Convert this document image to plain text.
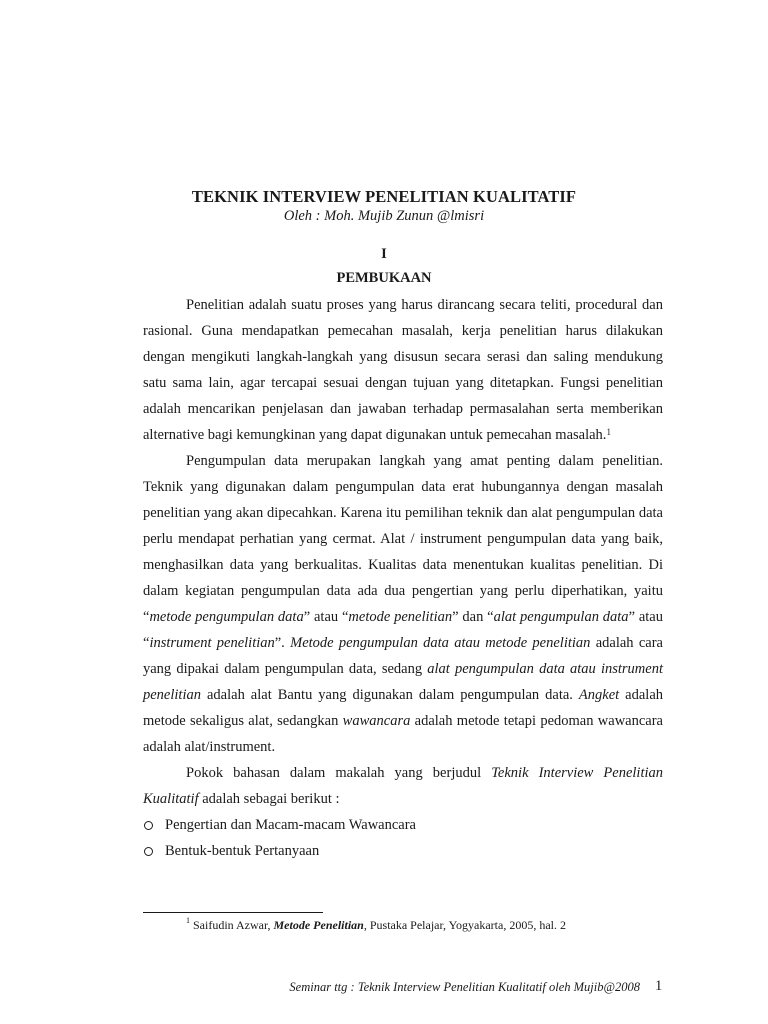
TEKNIK INTERVIEW PENELITIAN KUALITATIF
Oleh : Moh. Mujib Zunun @lmisri
I
PEMBUKAAN

Penelitian adalah suatu proses yang harus dirancang secara teliti, procedural dan rasional. Guna mendapatkan pemecahan masalah, kerja penelitian harus dilakukan dengan mengikuti langkah-langkah yang disusun secara serasi dan saling mendukung satu sama lain, agar tercapai sesuai dengan tujuan yang ditetapkan. Fungsi penelitian adalah mencarikan penjelasan dan jawaban terhadap permasalahan serta memberikan alternative bagi kemungkinan yang dapat digunakan untuk pemecahan masalah.$^1$

Pengumpulan data merupakan langkah yang amat penting dalam penelitian. Teknik yang digunakan dalam pengumpulan data erat hubungannya dengan masalah penelitian yang akan dipecahkan. Karena itu pemilihan teknik dan alat pengumpulan data perlu mendapat perhatian yang cermat. Alat / instrument pengumpulan data yang baik, menghasilkan data yang berkualitas. Kualitas data menentukan kualitas penelitian. Di dalam kegiatan pengumpulan data ada dua pengertian yang perlu diperhatikan, yaitu “metode pengumpulan data” atau “metode penelitian” dan “alat pengumpulan data” atau “instrument penelitian”. Metode pengumpulan data atau metode penelitian adalah cara yang dipakai dalam pengumpulan data, sedang alat pengumpulan data atau instrument penelitian adalah alat Bantu yang digunakan dalam pengumpulan data. Angket adalah metode sekaligus alat, sedangkan wawancara adalah metode tetapi pedoman wawancara adalah alat/instrument.

Pokok bahasan dalam makalah yang berjudul Teknik Interview Penelitian Kualitatif adalah sebagai berikut :

Pengertian dan Macam-macam Wawancara
Bentuk-bentuk Pertanyaan
$^1$ Saifudin Azwar, Metode Penelitian, Pustaka Pelajar, Yogyakarta, 2005, hal. 2
Seminar ttg : Teknik Interview Penelitian Kualitatif oleh Mujib@2008 1
